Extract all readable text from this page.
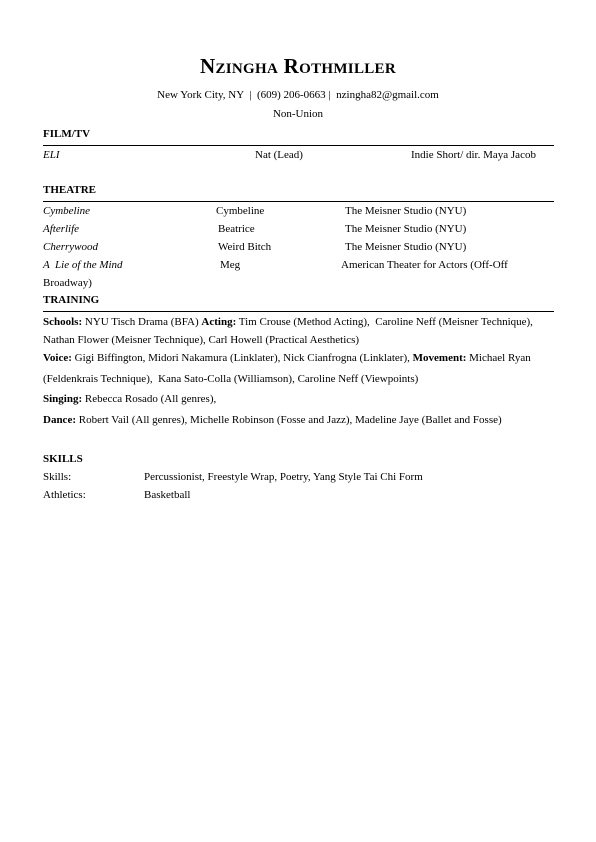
Nzingha Rothmiller
New York City, NY  |  (609) 206-0663 |  nzingha82@gmail.com
Non-Union
FILM/TV
ELI	Nat (Lead)	Indie Short/ dir. Maya Jacob
THEATRE
Cymbeline	Cymbeline	The Meisner Studio (NYU)
Afterlife	Beatrice	The Meisner Studio (NYU)
Cherrywood	Weird Bitch	The Meisner Studio (NYU)
A  Lie of the Mind	Meg	American Theater for Actors (Off-Off
Broadway)
TRAINING
Schools: NYU Tisch Drama (BFA) Acting: Tim Crouse (Method Acting),  Caroline Neff (Meisner Technique), Nathan Flower (Meisner Technique), Carl Howell (Practical Aesthetics)
Voice: Gigi Biffington, Midori Nakamura (Linklater), Nick Cianfrogna (Linklater), Movement: Michael Ryan (Feldenkrais Technique),  Kana Sato-Colla (Williamson), Caroline Neff (Viewpoints)
Singing: Rebecca Rosado (All genres),
Dance: Robert Vail (All genres), Michelle Robinson (Fosse and Jazz), Madeline Jaye (Ballet and Fosse)
SKILLS
Skills:	Percussionist, Freestyle Wrap, Poetry, Yang Style Tai Chi Form
Athletics:	Basketball
